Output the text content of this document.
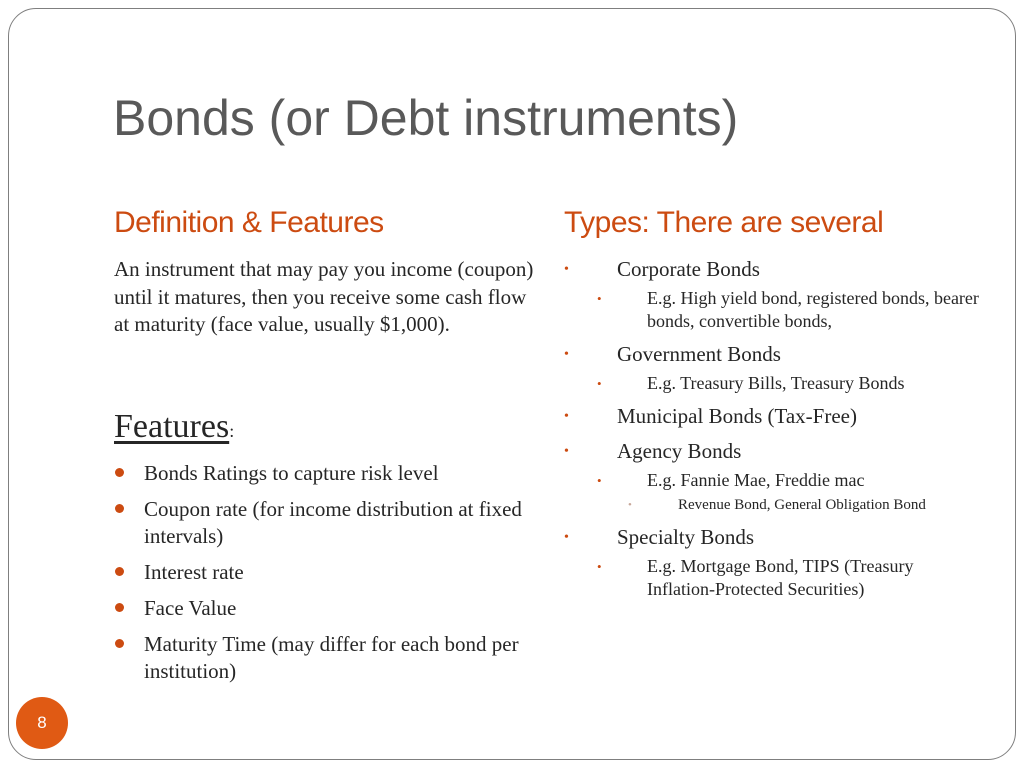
Bonds (or Debt instruments)
Definition & Features	Types: There are several

An instrument that may pay you income (coupon) until it matures, then you receive some cash flow at maturity (face value, usually $1,000).

Features:
Bonds Ratings to capture risk level
Coupon rate (for income distribution at fixed intervals)
Interest rate
Face Value
Maturity Time (may differ for each bond per institution)
• Corporate Bonds
•	E.g. High yield bond, registered bonds, bearer bonds, convertible bonds,
• Government Bonds
•	E.g. Treasury Bills, Treasury Bonds
• Municipal Bonds (Tax-Free)
• Agency Bonds
•	E.g. Fannie Mae, Freddie mac
•	Revenue Bond, General Obligation Bond
• Specialty Bonds
•	E.g. Mortgage Bond, TIPS (Treasury Inflation-Protected Securities)
8
